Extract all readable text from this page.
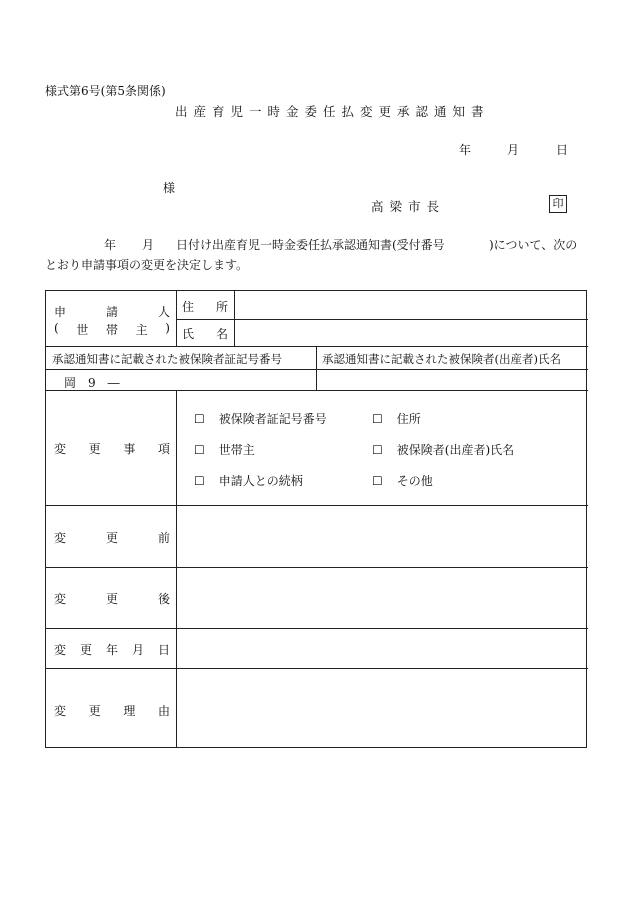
様式第6号(第5条関係)
出産育児一時金委任払変更承認通知書
年	月	日
様
高梁市長	印
年 月 日付け出産育児一時金委任払承認通知書(受付番号	)について、次の
とおり申請事項の変更を決定します。
申	請	人
( 世 帯 主 )
住 所
氏 名
承認通知書に記載された被保険者証記号番号	承認通知書に記載された被保険者(出産者)氏名
岡　9　―
変 更 事 項
☐ 被保険者証記号番号	☐ 住所
☐ 世帯主	☐ 被保険者(出産者)氏名
☐ 申請人との続柄	☐ その他
変	更	前
変	更	後
変 更 年 月 日
変 更 理 由
